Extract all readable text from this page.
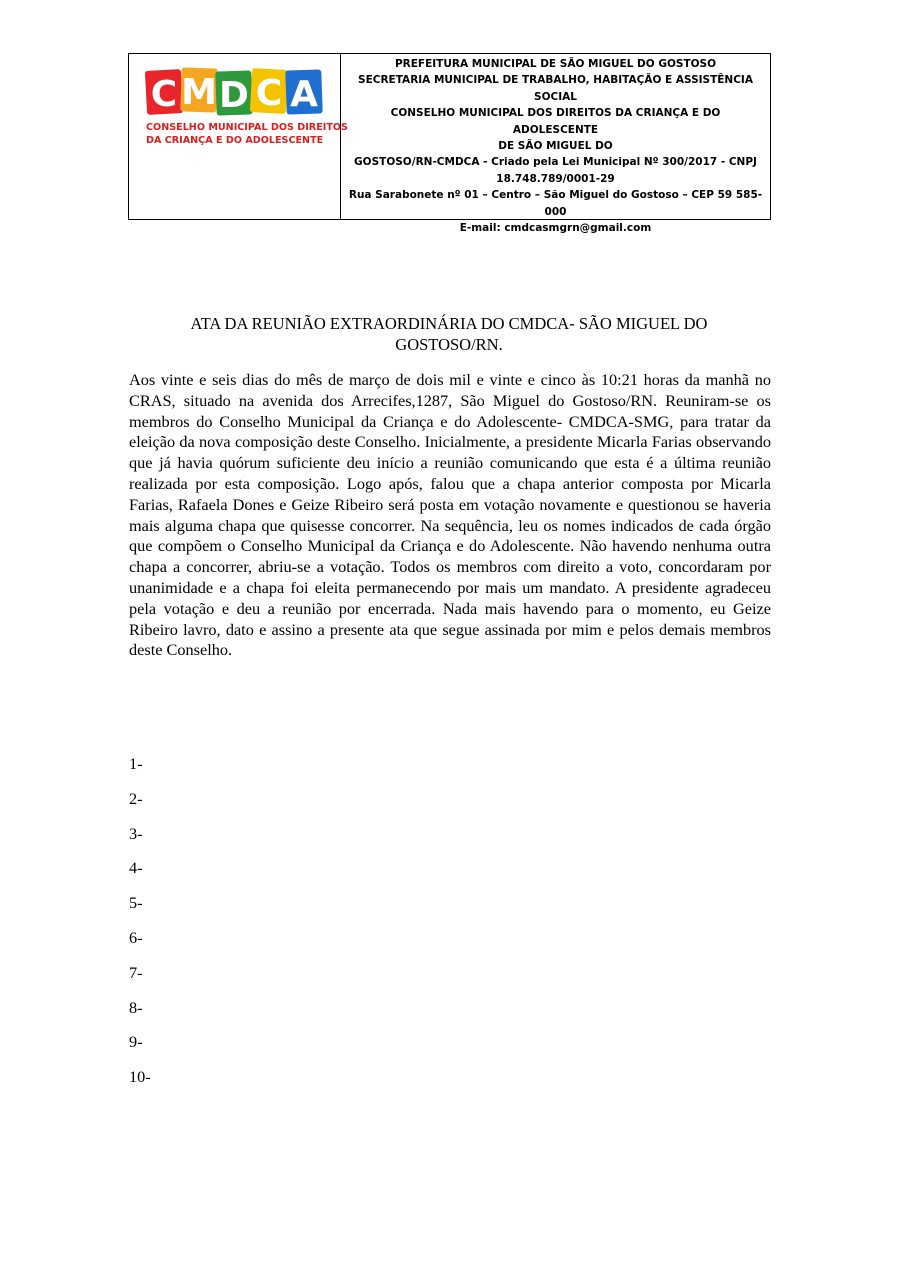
C M D C A
CONSELHO MUNICIPAL DOS DIREITOS
DA CRIANÇA E DO ADOLESCENTE
PREFEITURA MUNICIPAL DE SÃO MIGUEL DO GOSTOSO
SECRETARIA MUNICIPAL DE TRABALHO, HABITAÇÃO E ASSISTÊNCIA
SOCIAL
CONSELHO MUNICIPAL DOS DIREITOS DA CRIANÇA E DO ADOLESCENTE
DE SÃO MIGUEL DO
GOSTOSO/RN-CMDCA - Criado pela Lei Municipal Nº 300/2017 - CNPJ
18.748.789/0001-29
Rua Sarabonete nº 01 – Centro – São Miguel do Gostoso – CEP 59 585-
000
E-mail: cmdcasmgrn@gmail.com
ATA DA REUNIÃO EXTRAORDINÁRIA DO CMDCA- SÃO MIGUEL DO GOSTOSO/RN.
Aos vinte e seis dias do mês de março de dois mil e vinte e cinco às 10:21 horas da manhã no CRAS, situado na avenida dos Arrecifes,1287, São Miguel do Gostoso/RN. Reuniram-se os membros do Conselho Municipal da Criança e do Adolescente- CMDCA-SMG, para tratar da eleição da nova composição deste Conselho. Inicialmente, a presidente Micarla Farias observando que já havia quórum suficiente deu início a reunião comunicando que esta é a última reunião realizada por esta composição. Logo após, falou que a chapa anterior composta por Micarla Farias, Rafaela Dones e Geize Ribeiro será posta em votação novamente e questionou se haveria mais alguma chapa que quisesse concorrer. Na sequência, leu os nomes indicados de cada órgão que compõem o Conselho Municipal da Criança e do Adolescente. Não havendo nenhuma outra chapa a concorrer, abriu-se a votação. Todos os membros com direito a voto, concordaram por unanimidade e a chapa foi eleita permanecendo por mais um mandato. A presidente agradeceu pela votação e deu a reunião por encerrada. Nada mais havendo para o momento, eu Geize Ribeiro lavro, dato e assino a presente ata que segue assinada por mim e pelos demais membros deste Conselho.
1-
2-
3-
4-
5-
6-
7-
8-
9-
10-
